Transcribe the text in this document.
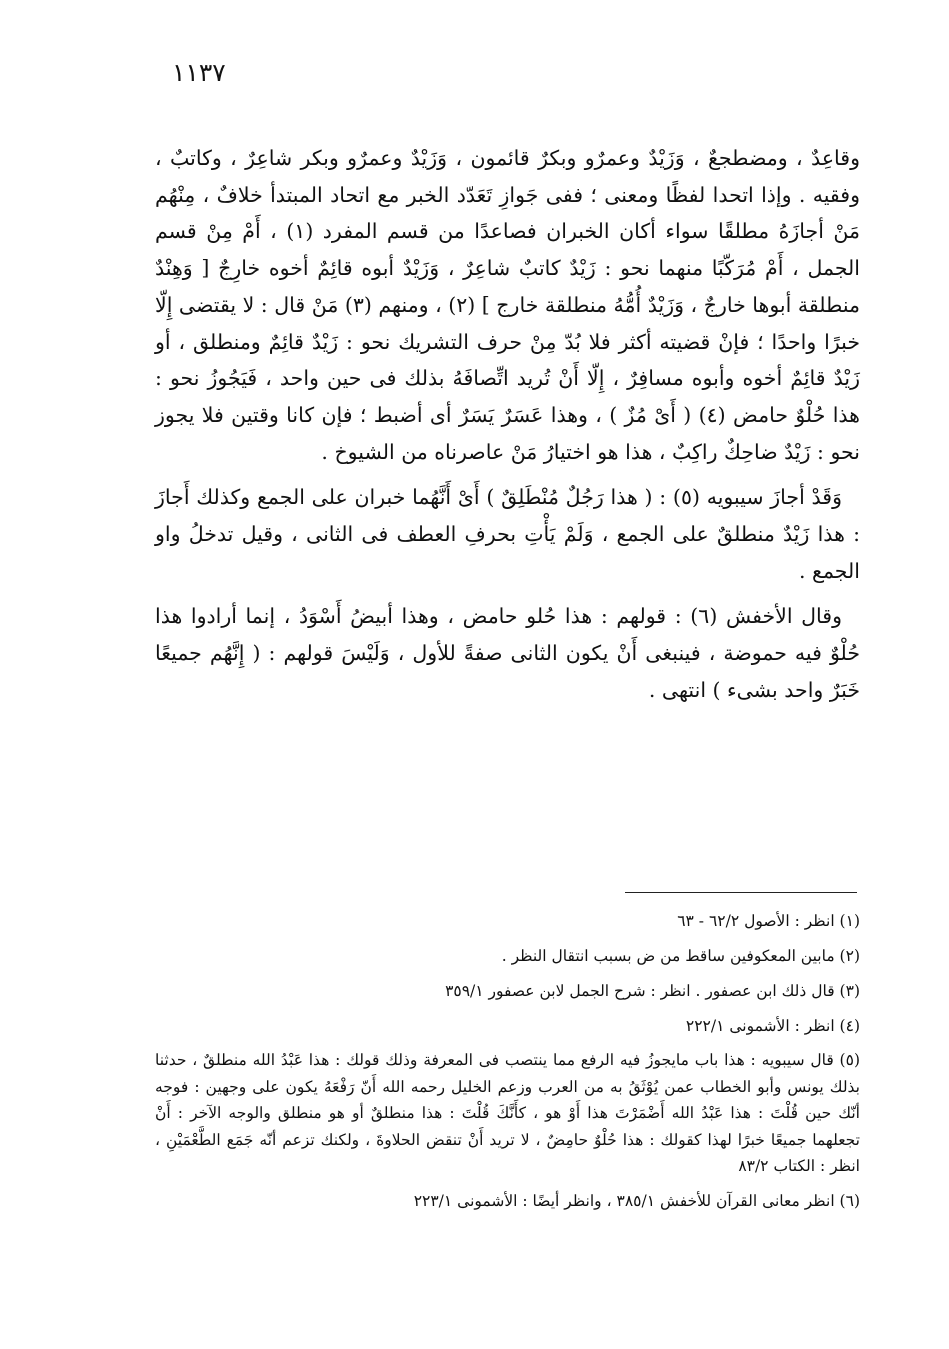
١١٣٧

وقاعِدٌ ، ومضطجعٌ ، وَزَيْدٌ وعمرٌو وبكرٌ قائمون ، وَزَيْدٌ وعمرٌو وبكر شاعِرٌ ، وكاتبٌ ، وفقيه . وإذا اتحدا لفظًا ومعنى ؛ ففى جَوازِ تَعَدّد الخبر مع اتحاد المبتدأ خلافٌ ، مِنْهُم مَنْ أجازَهُ مطلقًا سواء أكان الخبران فصاعدًا من قسم المفرد (١) ، أَمْ مِنْ قسم الجمل ، أَمْ مُرَكّبًا منهما نحو : زَيْدٌ كاتبٌ شاعِرٌ ، وَزَيْدٌ أبوه قائِمٌ أخوه خارِجٌ [ وَهِنْدٌ منطلقة أبوها خارجٌ ، وَزَيْدٌ أُمُّهُ منطلقة خارج ] (٢) ، ومنهم (٣) مَنْ قال : لا يقتضى إِلّا خبرًا واحدًا ؛ فإنْ قضيته أكثر فلا بُدّ مِنْ حرف التشريك نحو : زَيْدٌ قائِمٌ ومنطلق ، أو زَيْدٌ قائِمٌ أخوه وأبوه مسافِرٌ ، إِلّا أَنْ تُريد اتِّصافَهُ بذلك فى حين واحد ، فَيَجُوزُ نحو : هذا حُلْوٌ حامض (٤) ( أَىْ مُزٌ ) ، وهذا عَسَرٌ يَسَرٌ أى أضبط ؛ فإن كانا وقتين فلا يجوز نحو : زَيْدٌ ضاحِكٌ راكِبٌ ، هذا هو اختيارُ مَنْ عاصرناه من الشيوخ .

وَقَدْ أجازَ سيبويه (٥) : ( هذا رَجُلٌ مُنْطَلِقٌ ) أَىْ أَنَّهُما خبران على الجمع وكذلك أَجازَ : هذا زَيْدٌ منطلقٌ على الجمع ، وَلَمْ يَأْتِ بحرفِ العطف فى الثانى ، وقيل تدخلُ واو الجمع .

وقال الأخفش (٦) : قولهم : هذا حُلو حامض ، وهذا أبيضُ أَسْوَدُ ، إنما أرادوا هذا حُلْوٌ فيه حموضة ، فينبغى أَنْ يكون الثانى صفةً للأول ، وَلَيْسَ قولهم : ( إِنَّهُم جميعًا خَبَرٌ واحد بشىء ) انتهى .

(١) انظر : الأصول ٦٢/٢ - ٦٣

(٢) مابين المعكوفين ساقط من ض بسبب انتقال النظر .

(٣) قال ذلك ابن عصفور . انظر : شرح الجمل لابن عصفور ٣٥٩/١

(٤) انظر : الأشمونى ٢٢٢/١

(٥) قال سيبويه : هذا باب مايجوزُ فيه الرفع مما ينتصب فى المعرفة وذلك قولك : هذا عَبْدُ الله منطلقٌ ، حدثنا بذلك يونس وأبو الخطاب عمن يُوْثَقُ به من العرب وزعم الخليل رحمه الله أَنّ رَفْعَهُ يكون على وجهين : فوجه أنّك حين قُلْتَ : هذا عَبْدُ الله أَضْمَرْتَ هذا أَوْ هو ، كأَنَّكَ قُلْتَ : هذا منطلقٌ أو هو منطلق والوجه الآخر : أَنْ تجعلهما جميعًا خبرًا لهذا كقولك : هذا حُلْوٌ حامِضٌ ، لا تريد أَنْ تنقض الحلاوةَ ، ولكنك تزعم أنّه جَمَع الطَّعْمَيْنِ ، انظر : الكتاب ٨٣/٢

(٦) انظر معانى القرآن للأخفش ٣٨٥/١ ، وانظر أيضًا : الأشمونى ٢٢٣/١
